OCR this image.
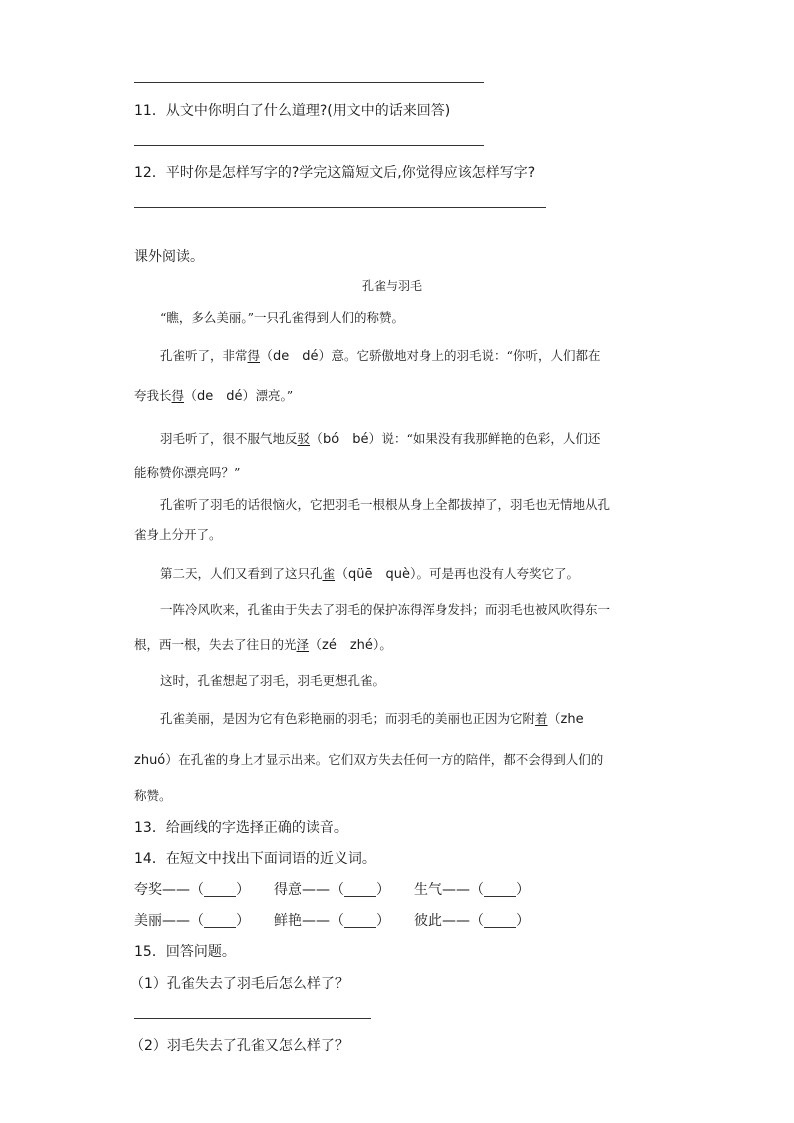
11．从文中你明白了什么道理?(用文中的话来回答)
12．平时你是怎样写字的?学完这篇短文后,你觉得应该怎样写字?
课外阅读。
孔雀与羽毛
“瞧，多么美丽。”一只孔雀得到人们的称赞。
孔雀听了，非常得（de　dé）意。它骄傲地对身上的羽毛说：“你听，人们都在
夸我长得（de　dé）漂亮。”
羽毛听了，很不服气地反驳（bó　bé）说：“如果没有我那鲜艳的色彩，人们还
能称赞你漂亮吗？”
孔雀听了羽毛的话很恼火，它把羽毛一根根从身上全都拔掉了，羽毛也无情地从孔
雀身上分开了。
第二天，人们又看到了这只孔雀（qüē　què）。可是再也没有人夸奖它了。
一阵冷风吹来，孔雀由于失去了羽毛的保护冻得浑身发抖；而羽毛也被风吹得东一
根，西一根，失去了往日的光泽（zé　zhé）。
这时，孔雀想起了羽毛，羽毛更想孔雀。
孔雀美丽，是因为它有色彩艳丽的羽毛；而羽毛的美丽也正因为它附着（zhe
zhuó）在孔雀的身上才显示出来。它们双方失去任何一方的陪伴，都不会得到人们的
称赞。
13．给画线的字选择正确的读音。
14．在短文中找出下面词语的近义词。
夸奖——（ ） 得意——（ ） 生气——（ ）
美丽——（ ） 鲜艳——（ ） 彼此——（ ）
15．回答问题。
（1）孔雀失去了羽毛后怎么样了？
（2）羽毛失去了孔雀又怎么样了？
